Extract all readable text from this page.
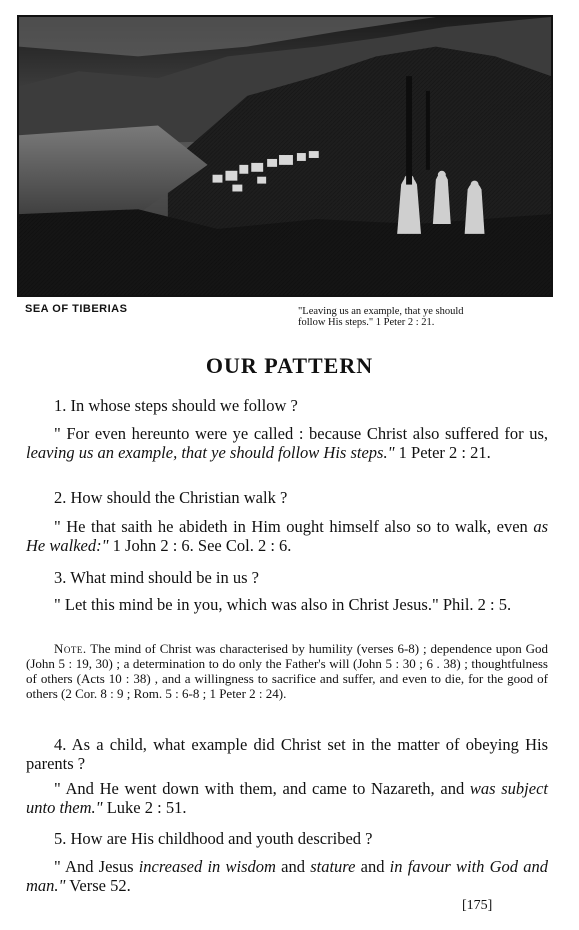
SEA OF TIBERIAS	"Leaving us an example, that ye should
follow His steps." 1 Peter 2 : 21.
OUR PATTERN
1. In whose steps should we follow ?
" For even hereunto were ye called : because Christ also suffered for us, leaving us an example, that ye should follow His steps." 1 Peter 2 : 21.
2. How should the Christian walk ?
" He that saith he abideth in Him ought himself also so to walk, even as He walked:" 1 John 2 : 6. See Col. 2 : 6.
3. What mind should be in us ?
" Let this mind be in you, which was also in Christ Jesus." Phil. 2 : 5.
Note. The mind of Christ was characterised by humility (verses 6-8) ; dependence upon God (John 5 : 19, 30) ; a determination to do only the Father's will (John 5 : 30 ; 6 . 38) ; thoughtfulness of others (Acts 10 : 38) , and a willingness to sacrifice and suffer, and even to die, for the good of others (2 Cor. 8 : 9 ; Rom. 5 : 6-8 ; 1 Peter 2 : 24).
4. As a child, what example did Christ set in the matter of obeying His parents ?
" And He went down with them, and came to Nazareth, and was subject unto them." Luke 2 : 51.
5. How are His childhood and youth described ?
" And Jesus increased in wisdom and stature and in favour with God and man." Verse 52.
[175]
